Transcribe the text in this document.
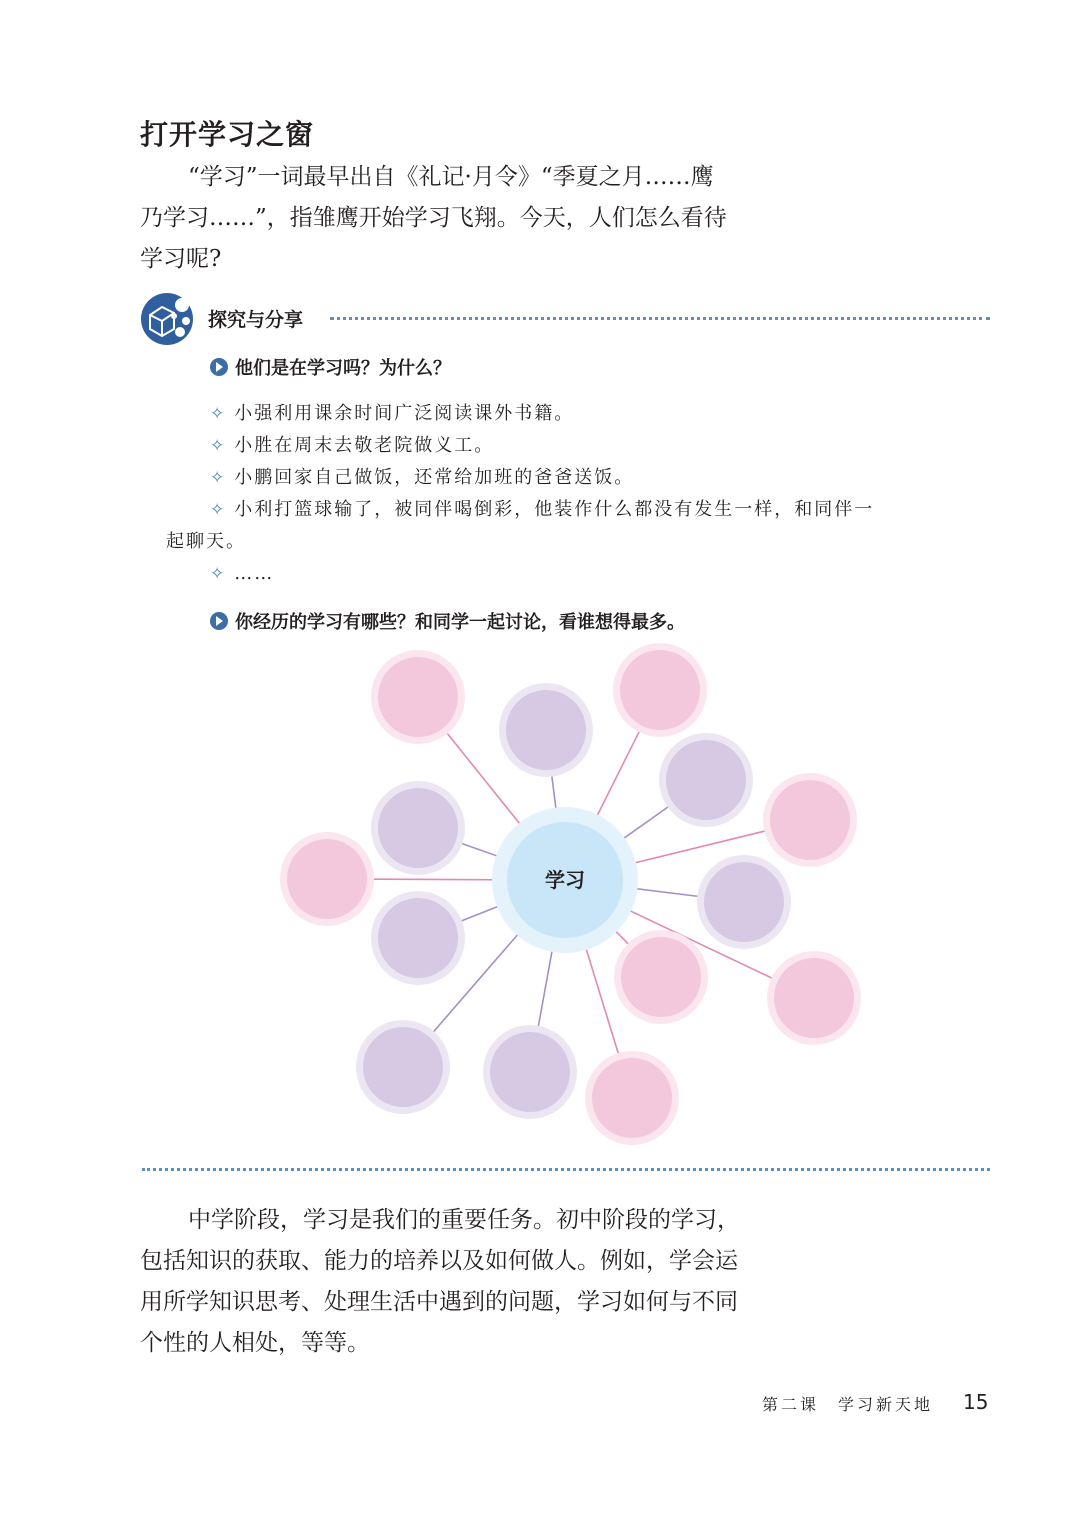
打开学习之窗

“学习”一词最早出自《礼记·月令》“季夏之月……鹰

乃学习……”，指雏鹰开始学习飞翔。今天，人们怎么看待

学习呢?

探究与分享
他们是在学习吗？为什么？
✧ 小强利用课余时间广泛阅读课外书籍。
✧ 小胜在周末去敬老院做义工。
✧ 小鹏回家自己做饭，还常给加班的爸爸送饭。
✧ 小利打篮球输了，被同伴喝倒彩，他装作什么都没有发生一样，和同伴一
起聊天。
✧ ……
你经历的学习有哪些？和同学一起讨论，看谁想得最多。
学习

中学阶段，学习是我们的重要任务。初中阶段的学习，

包括知识的获取、能力的培养以及如何做人。例如，学会运

用所学知识思考、处理生活中遇到的问题，学习如何与不同

个性的人相处，等等。

第二课　学习新天地 15
